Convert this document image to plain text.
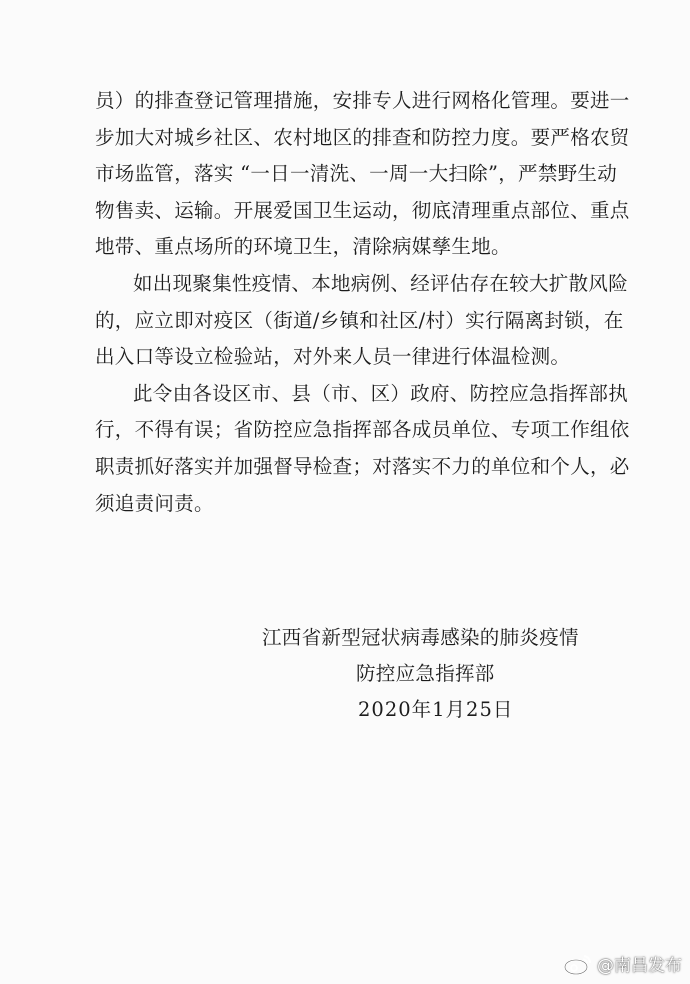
员）的排查登记管理措施，安排专人进行网格化管理。要进一
步加大对城乡社区、农村地区的排查和防控力度。要严格农贸
市场监管，落实 “一日一清洗、一周一大扫除”，严禁野生动
物售卖、运输。开展爱国卫生运动，彻底清理重点部位、重点
地带、重点场所的环境卫生，清除病媒孳生地。
如出现聚集性疫情、本地病例、经评估存在较大扩散风险
的，应立即对疫区（街道/乡镇和社区/村）实行隔离封锁，在
出入口等设立检验站，对外来人员一律进行体温检测。
此令由各设区市、县（市、区）政府、防控应急指挥部执
行，不得有误；省防控应急指挥部各成员单位、专项工作组依
职责抓好落实并加强督导检查；对落实不力的单位和个人，必
须追责问责。
江西省新型冠状病毒感染的肺炎疫情
防控应急指挥部
2020年1月25日
@南昌发布
